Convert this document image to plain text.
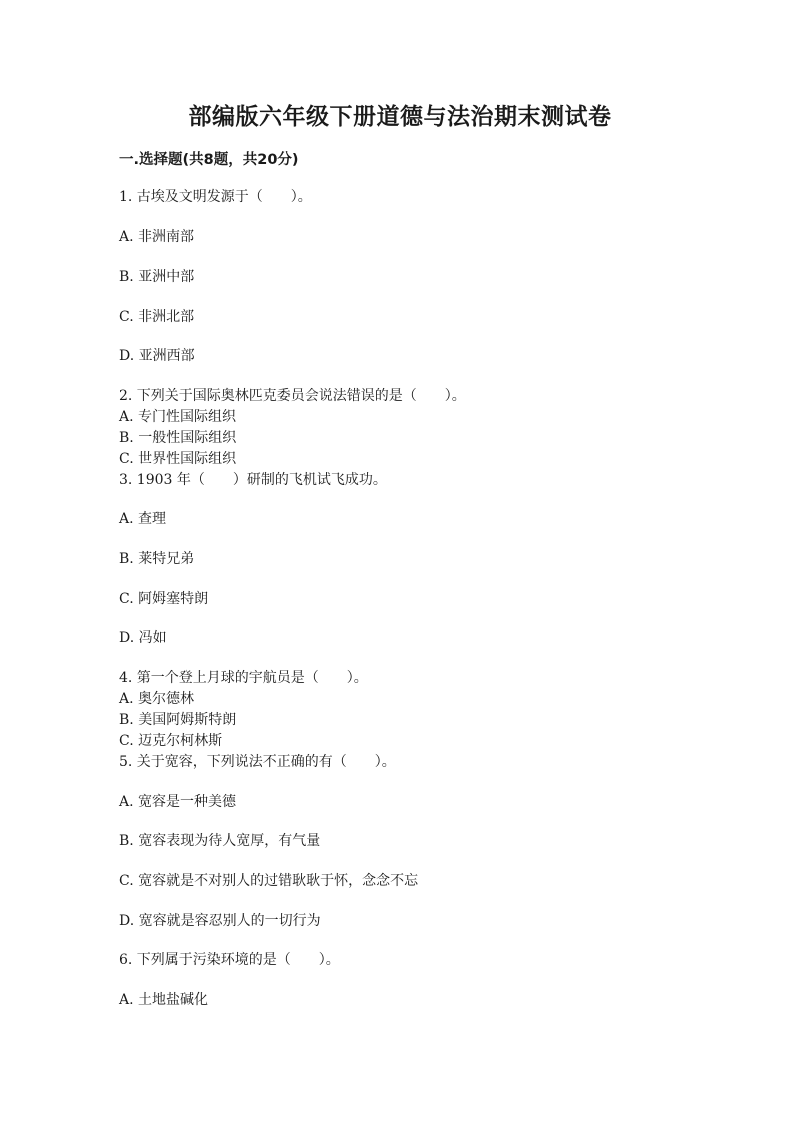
部编版六年级下册道德与法治期末测试卷
一.选择题(共8题，共20分)
1. 古埃及文明发源于（　　）。
A. 非洲南部
B. 亚洲中部
C. 非洲北部
D. 亚洲西部
2. 下列关于国际奥林匹克委员会说法错误的是（　　）。
A. 专门性国际组织
B. 一般性国际组织
C. 世界性国际组织
3. 1903 年（　　）研制的飞机试飞成功。
A. 查理
B. 莱特兄弟
C. 阿姆塞特朗
D. 冯如
4. 第一个登上月球的宇航员是（　　）。
A. 奥尔德林
B. 美国阿姆斯特朗
C. 迈克尔柯林斯
5. 关于宽容，下列说法不正确的有（　　）。
A. 宽容是一种美德
B. 宽容表现为待人宽厚，有气量
C. 宽容就是不对别人的过错耿耿于怀，念念不忘
D. 宽容就是容忍别人的一切行为
6. 下列属于污染环境的是（　　）。
A. 土地盐碱化
